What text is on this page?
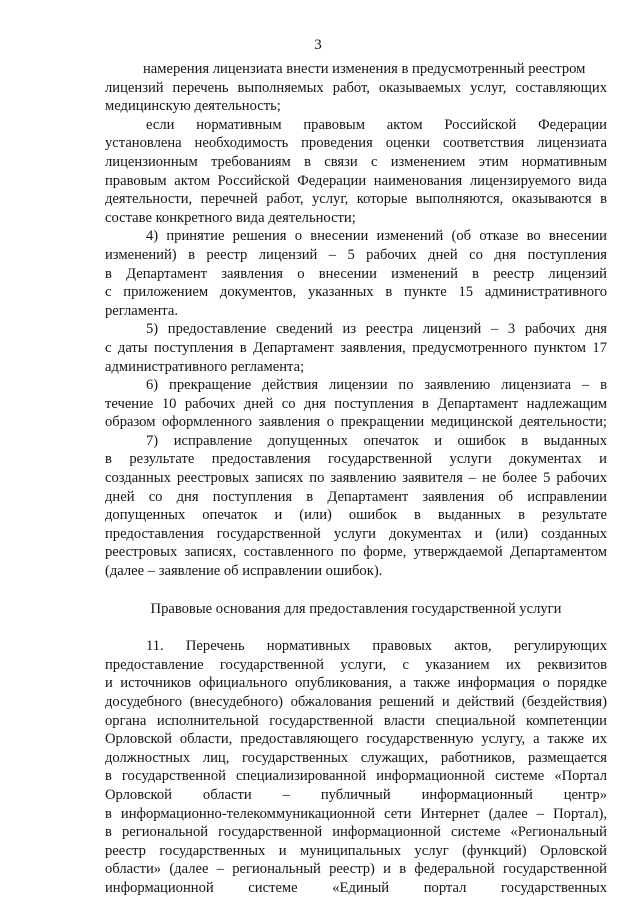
3
намерения лицензиата внести изменения в предусмотренный реестром
лицензий перечень выполняемых работ, оказываемых услуг, составляющих
медицинскую деятельность;
если нормативным правовым актом Российской Федерации
установлена необходимость проведения оценки соответствия лицензиата
лицензионным требованиям в связи с изменением этим нормативным
правовым актом Российской Федерации наименования лицензируемого вида
деятельности, перечней работ, услуг, которые выполняются, оказываются в
составе конкретного вида деятельности;
4) принятие решения о внесении изменений (об отказе во внесении
изменений) в реестр лицензий – 5 рабочих дней со дня поступления
в Департамент заявления о внесении изменений в реестр лицензий
с приложением документов, указанных в пункте 15 административного
регламента.
5) предоставление сведений из реестра лицензий – 3 рабочих дня
с даты поступления в Департамент заявления, предусмотренного пунктом 17
административного регламента;
6) прекращение действия лицензии по заявлению лицензиата – в
течение 10 рабочих дней со дня поступления в Департамент надлежащим
образом оформленного заявления о прекращении медицинской деятельности;
7) исправление допущенных опечаток и ошибок в выданных
в результате предоставления государственной услуги документах и
созданных реестровых записях по заявлению заявителя – не более 5 рабочих
дней со дня поступления в Департамент заявления об исправлении
допущенных опечаток и (или) ошибок в выданных в результате
предоставления государственной услуги документах и (или) созданных
реестровых записях, составленного по форме, утверждаемой Департаментом
(далее – заявление об исправлении ошибок).
Правовые основания для предоставления государственной услуги
11. Перечень нормативных правовых актов, регулирующих
предоставление государственной услуги, с указанием их реквизитов
и источников официального опубликования, а также информация о порядке
досудебного (внесудебного) обжалования решений и действий (бездействия)
органа исполнительной государственной власти специальной компетенции
Орловской области, предоставляющего государственную услугу, а также их
должностных лиц, государственных служащих, работников, размещается
в государственной специализированной информационной системе «Портал
Орловской области – публичный информационный центр»
в информационно-телекоммуникационной сети Интернет (далее – Портал),
в региональной государственной информационной системе «Региональный
реестр государственных и муниципальных услуг (функций) Орловской
области» (далее – региональный реестр) и в федеральной государственной
информационной системе «Единый портал государственных
